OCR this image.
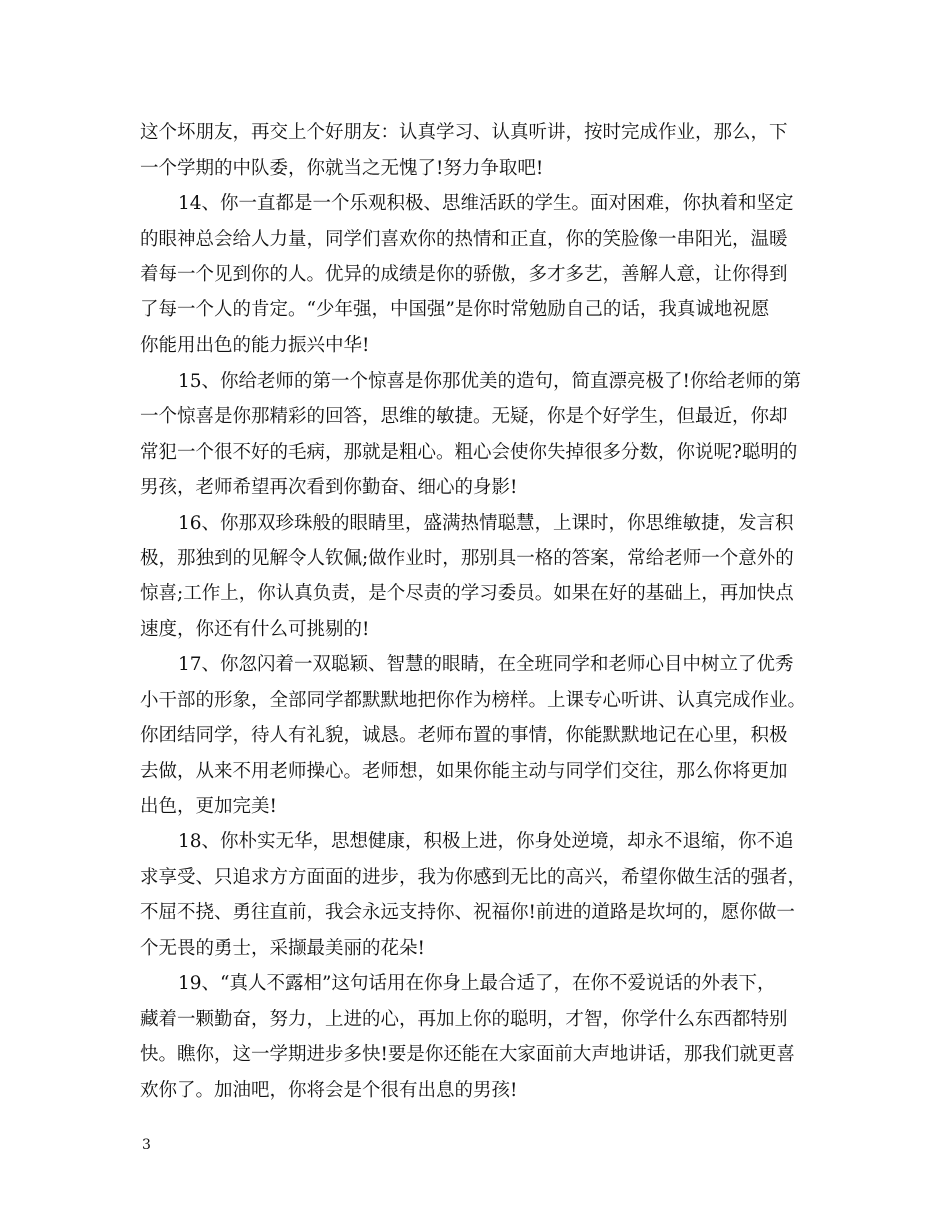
这个坏朋友，再交上个好朋友：认真学习、认真听讲，按时完成作业，那么，下
一个学期的中队委，你就当之无愧了!努力争取吧!
14、你一直都是一个乐观积极、思维活跃的学生。面对困难，你执着和坚定
的眼神总会给人力量，同学们喜欢你的热情和正直，你的笑脸像一串阳光，温暖
着每一个见到你的人。优异的成绩是你的骄傲，多才多艺，善解人意，让你得到
了每一个人的肯定。“少年强，中国强”是你时常勉励自己的话，我真诚地祝愿
你能用出色的能力振兴中华!
15、你给老师的第一个惊喜是你那优美的造句，简直漂亮极了!你给老师的第
一个惊喜是你那精彩的回答，思维的敏捷。无疑，你是个好学生，但最近，你却
常犯一个很不好的毛病，那就是粗心。粗心会使你失掉很多分数，你说呢?聪明的
男孩，老师希望再次看到你勤奋、细心的身影!
16、你那双珍珠般的眼睛里，盛满热情聪慧，上课时，你思维敏捷，发言积
极，那独到的见解令人钦佩;做作业时，那别具一格的答案，常给老师一个意外的
惊喜;工作上，你认真负责，是个尽责的学习委员。如果在好的基础上，再加快点
速度，你还有什么可挑剔的!
17、你忽闪着一双聪颖、智慧的眼睛，在全班同学和老师心目中树立了优秀
小干部的形象，全部同学都默默地把你作为榜样。上课专心听讲、认真完成作业。
你团结同学，待人有礼貌，诚恳。老师布置的事情，你能默默地记在心里，积极
去做，从来不用老师操心。老师想，如果你能主动与同学们交往，那么你将更加
出色，更加完美!
18、你朴实无华，思想健康，积极上进，你身处逆境，却永不退缩，你不追
求享受、只追求方方面面的进步，我为你感到无比的高兴，希望你做生活的强者，
不屈不挠、勇往直前，我会永远支持你、祝福你!前进的道路是坎坷的，愿你做一
个无畏的勇士，采撷最美丽的花朵!
19、“真人不露相”这句话用在你身上最合适了，在你不爱说话的外表下，
藏着一颗勤奋，努力，上进的心，再加上你的聪明，才智，你学什么东西都特别
快。瞧你，这一学期进步多快!要是你还能在大家面前大声地讲话，那我们就更喜
欢你了。加油吧，你将会是个很有出息的男孩!
3
